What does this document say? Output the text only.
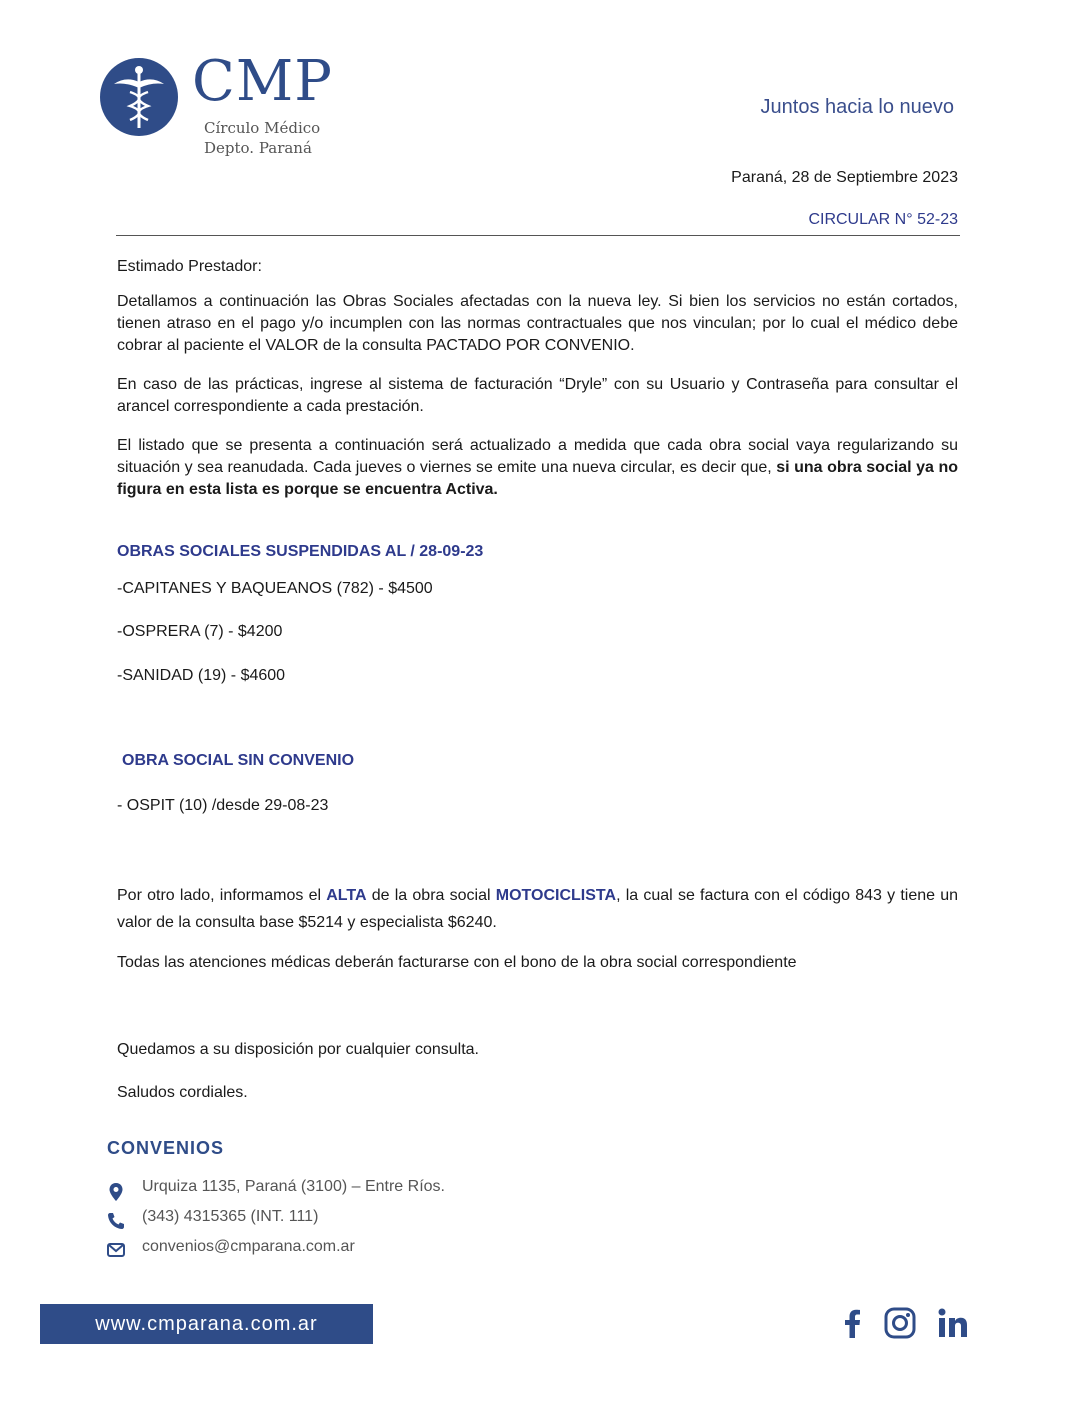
CMP
Círculo Médico
Depto. Paraná
Juntos hacia lo nuevo
Paraná, 28 de Septiembre 2023
CIRCULAR N° 52-23
Estimado Prestador:
Detallamos a continuación las Obras Sociales afectadas con la nueva ley. Si bien los servicios no están cortados, tienen atraso en el pago y/o incumplen con las normas contractuales que nos vinculan; por lo cual el médico debe cobrar al paciente el VALOR de la consulta PACTADO POR CONVENIO.
En caso de las prácticas, ingrese al sistema de facturación “Dryle” con su Usuario y Contraseña para consultar el arancel correspondiente a cada prestación.
El listado que se presenta a continuación será actualizado a medida que cada obra social vaya regularizando su situación y sea reanudada. Cada jueves o viernes se emite una nueva circular, es decir que, si una obra social ya no figura en esta lista es porque se encuentra Activa.
OBRAS SOCIALES SUSPENDIDAS AL / 28-09-23
-CAPITANES Y BAQUEANOS (782) - $4500
-OSPRERA (7) - $4200
-SANIDAD (19) - $4600
OBRA SOCIAL SIN CONVENIO
- OSPIT (10) /desde 29-08-23
Por otro lado, informamos el ALTA de la obra social MOTOCICLISTA, la cual se factura con el código 843 y tiene un valor de la consulta base $5214 y especialista $6240.
Todas las atenciones médicas deberán facturarse con el bono de la obra social correspondiente
Quedamos a su disposición por cualquier consulta.
Saludos cordiales.
CONVENIOS
Urquiza 1135, Paraná (3100) – Entre Ríos.
(343) 4315365 (INT. 111)
convenios@cmparana.com.ar
www.cmparana.com.ar
